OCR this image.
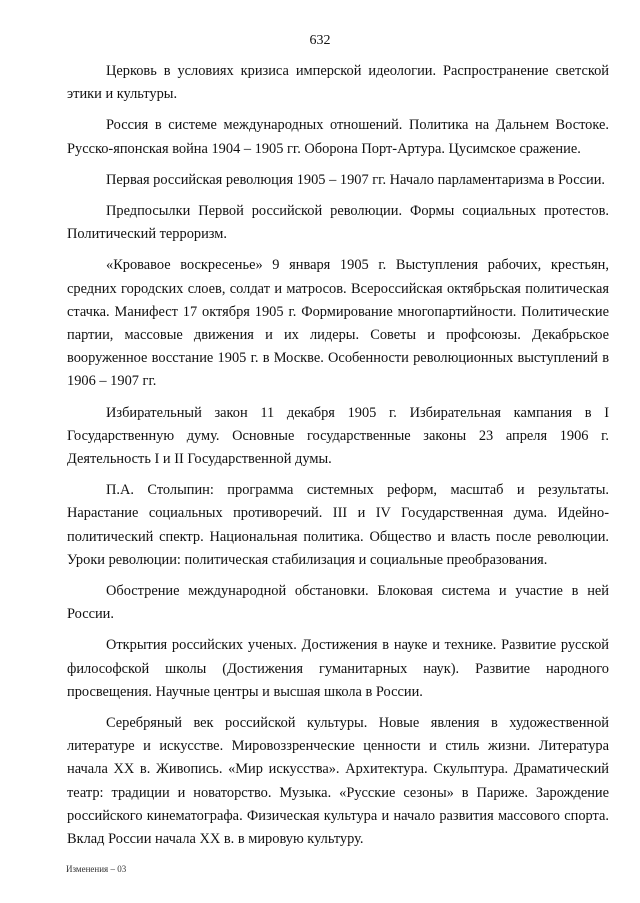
632

Церковь в условиях кризиса имперской идеологии. Распространение светской этики и культуры.

Россия в системе международных отношений. Политика на Дальнем Востоке. Русско-японская война 1904 – 1905 гг. Оборона Порт-Артура. Цусимское сражение.

Первая российская революция 1905 – 1907 гг. Начало парламентаризма в России.

Предпосылки Первой российской революции. Формы социальных протестов. Политический терроризм.

«Кровавое воскресенье» 9 января 1905 г. Выступления рабочих, крестьян, средних городских слоев, солдат и матросов. Всероссийская октябрьская политическая стачка. Манифест 17 октября 1905 г. Формирование многопартийности. Политические партии, массовые движения и их лидеры. Советы и профсоюзы. Декабрьское вооруженное восстание 1905 г. в Москве. Особенности революционных выступлений в 1906 – 1907 гг.

Избирательный закон 11 декабря 1905 г. Избирательная кампания в I Государственную думу. Основные государственные законы 23 апреля 1906 г. Деятельность I и II Государственной думы.

П.А. Столыпин: программа системных реформ, масштаб и результаты. Нарастание социальных противоречий. III и IV Государственная дума. Идейно-политический спектр. Национальная политика. Общество и власть после революции. Уроки революции: политическая стабилизация и социальные преобразования.

Обострение международной обстановки. Блоковая система и участие в ней России.

Открытия российских ученых. Достижения в науке и технике. Развитие русской философской школы (Достижения гуманитарных наук). Развитие народного просвещения. Научные центры и высшая школа в России.

Серебряный век российской культуры. Новые явления в художественной литературе и искусстве. Мировоззренческие ценности и стиль жизни. Литература начала XX в. Живопись. «Мир искусства». Архитектура. Скульптура. Драматический театр: традиции и новаторство. Музыка. «Русские сезоны» в Париже. Зарождение российского кинематографа. Физическая культура и начало развития массового спорта. Вклад России начала XX в. в мировую культуру.

Изменения – 03
